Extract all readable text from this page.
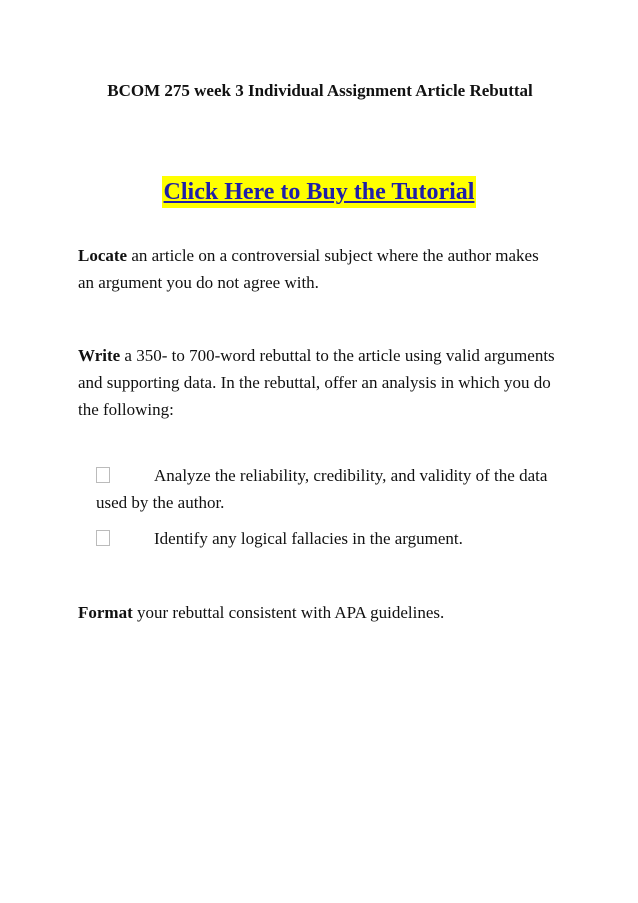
BCOM 275 week 3 Individual Assignment Article Rebuttal
Click Here to Buy the Tutorial
Locate an article on a controversial subject where the author makes an argument you do not agree with.
Write a 350- to 700-word rebuttal to the article using valid arguments and supporting data. In the rebuttal, offer an analysis in which you do the following:
Analyze the reliability, credibility, and validity of the data used by the author.
Identify any logical fallacies in the argument.
Format your rebuttal consistent with APA guidelines.
